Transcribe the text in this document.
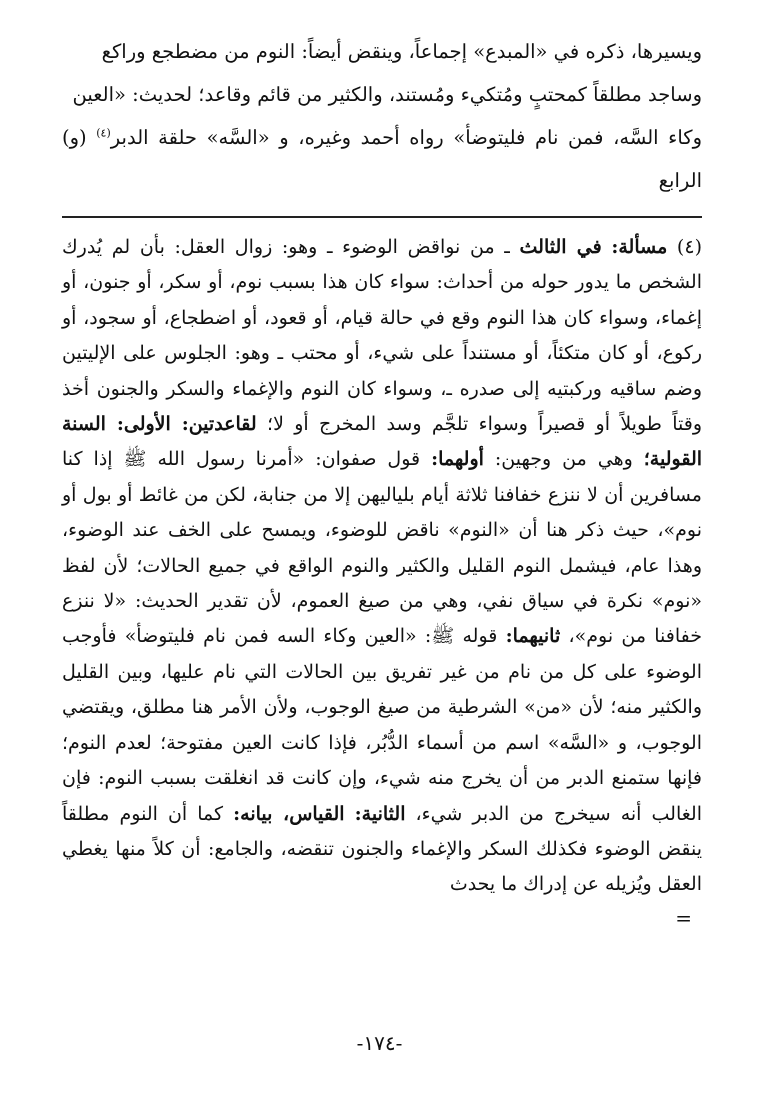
ويسيرها، ذكره في «المبدع» إجماعاً، وينقض أيضاً: النوم من مضطجع وراكع

وساجد مطلقاً كمحتبٍ ومُتكيء ومُستند، والكثير من قائم وقاعد؛ لحديث: «العين

وكاء السَّه، فمن نام فليتوضأ» رواه أحمد وغيره، و «السَّه» حلقة الدبر$^{(٤)}$ (و) الرابع

(٤) مسألة: في الثالث ـ من نواقض الوضوء ـ وهو: زوال العقل: بأن لم يُدرك الشخص ما يدور حوله من أحداث: سواء كان هذا بسبب نوم، أو سكر، أو جنون، أو إغماء، وسواء كان هذا النوم وقع في حالة قيام، أو قعود، أو اضطجاع، أو سجود، أو ركوع، أو كان متكئاً، أو مستنداً على شيء، أو محتب ـ وهو: الجلوس على الإليتين وضم ساقيه وركبتيه إلى صدره ـ، وسواء كان النوم والإغماء والسكر والجنون أخذ وقتاً طويلاً أو قصيراً وسواء تلجَّم وسد المخرج أو لا؛ لقاعدتين: الأولى: السنة القولية؛ وهي من وجهين: أولهما: قول صفوان: «أمرنا رسول الله ﷺ إذا كنا مسافرين أن لا ننزع خفافنا ثلاثة أيام بلياليهن إلا من جنابة، لكن من غائط أو بول أو نوم»، حيث ذكر هنا أن «النوم» ناقض للوضوء، ويمسح على الخف عند الوضوء، وهذا عام، فيشمل النوم القليل والكثير والنوم الواقع في جميع الحالات؛ لأن لفظ «نوم» نكرة في سياق نفي، وهي من صيغ العموم، لأن تقدير الحديث: «لا ننزع خفافنا من نوم»، ثانيهما: قوله ﷺ: «العين وكاء السه فمن نام فليتوضأ» فأوجب الوضوء على كل من نام من غير تفريق بين الحالات التي نام عليها، وبين القليل والكثير منه؛ لأن «من» الشرطية من صيغ الوجوب، ولأن الأمر هنا مطلق، ويقتضي الوجوب، و «السَّه» اسم من أسماء الدُّبُر، فإذا كانت العين مفتوحة؛ لعدم النوم؛ فإنها ستمنع الدبر من أن يخرج منه شيء، وإن كانت قد انغلقت بسبب النوم: فإن الغالب أنه سيخرج من الدبر شيء، الثانية: القياس، بيانه: كما أن النوم مطلقاً ينقض الوضوء فكذلك السكر والإغماء والجنون تنقضه، والجامع: أن كلاً منها يغطي العقل ويُزيله عن إدراك ما يحدث

=
-١٧٤-
